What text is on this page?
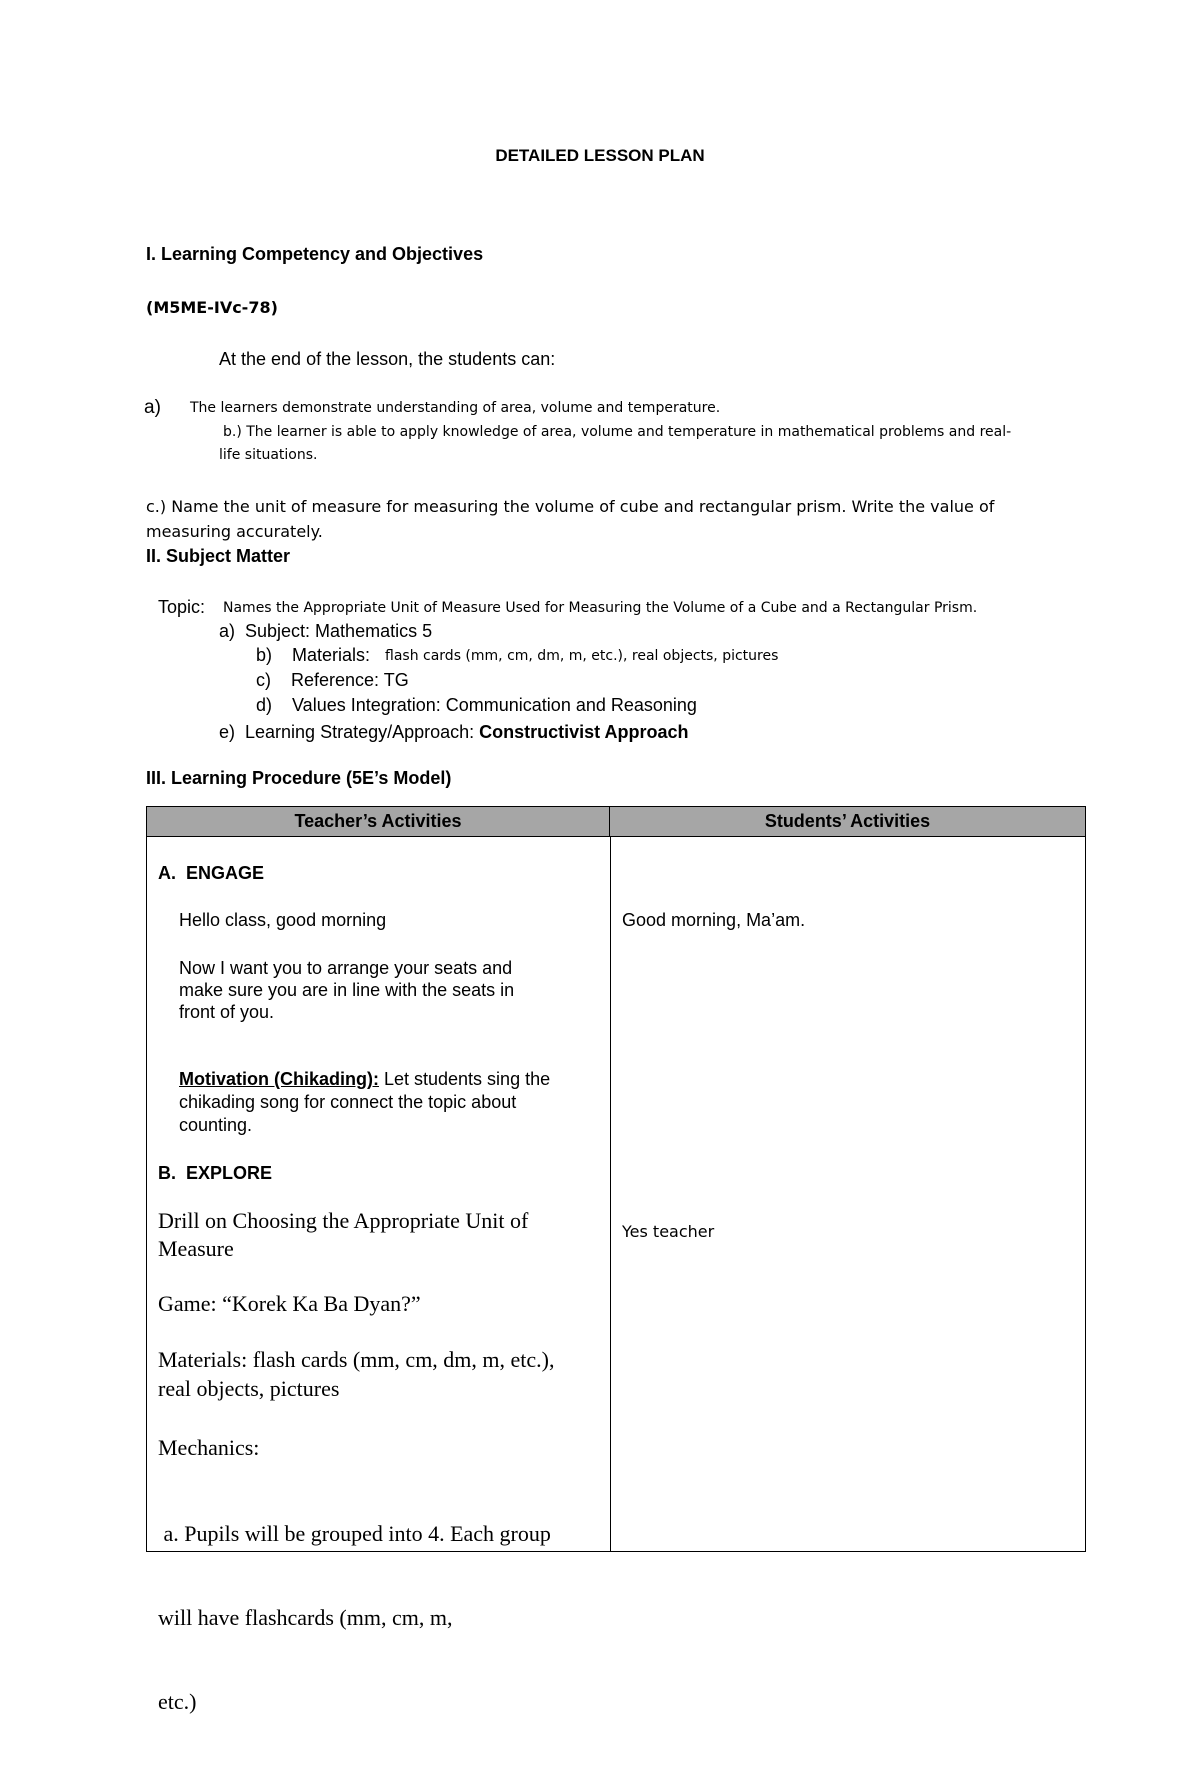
DETAILED LESSON PLAN
I. Learning Competency and Objectives
(M5ME-IVc-78)
At the end of the lesson, the students can:
a) The learners demonstrate understanding of area, volume and temperature.
b.) The learner is able to apply knowledge of area, volume and temperature in mathematical problems and real-
life situations.
c.) Name the unit of measure for measuring the volume of cube and rectangular prism. Write the value of
measuring accurately.
II. Subject Matter
Topic: Names the Appropriate Unit of Measure Used for Measuring the Volume of a Cube and a Rectangular Prism.
a)  Subject: Mathematics 5
b)    Materials: flash cards (mm, cm, dm, m, etc.), real objects, pictures
c)    Reference: TG
d)    Values Integration: Communication and Reasoning
e)  Learning Strategy/Approach: Constructivist Approach
III. Learning Procedure (5E’s Model)
Teacher’s Activities	Students’ Activities
A.  ENGAGE
Hello class, good morning
Now I want you to arrange your seats and
make sure you are in line with the seats in
front of you.
Motivation (Chikading): Let students sing the
chikading song for connect the topic about
counting.
B.  EXPLORE
Drill on Choosing the Appropriate Unit of
Measure
Game: “Korek Ka Ba Dyan?”
Materials: flash cards (mm, cm, dm, m, etc.),
real objects, pictures
Mechanics:

a. Pupils will be grouped into 4. Each group

will have flashcards (mm, cm, m,

etc.)

Good morning, Ma’am.
Yes teacher
